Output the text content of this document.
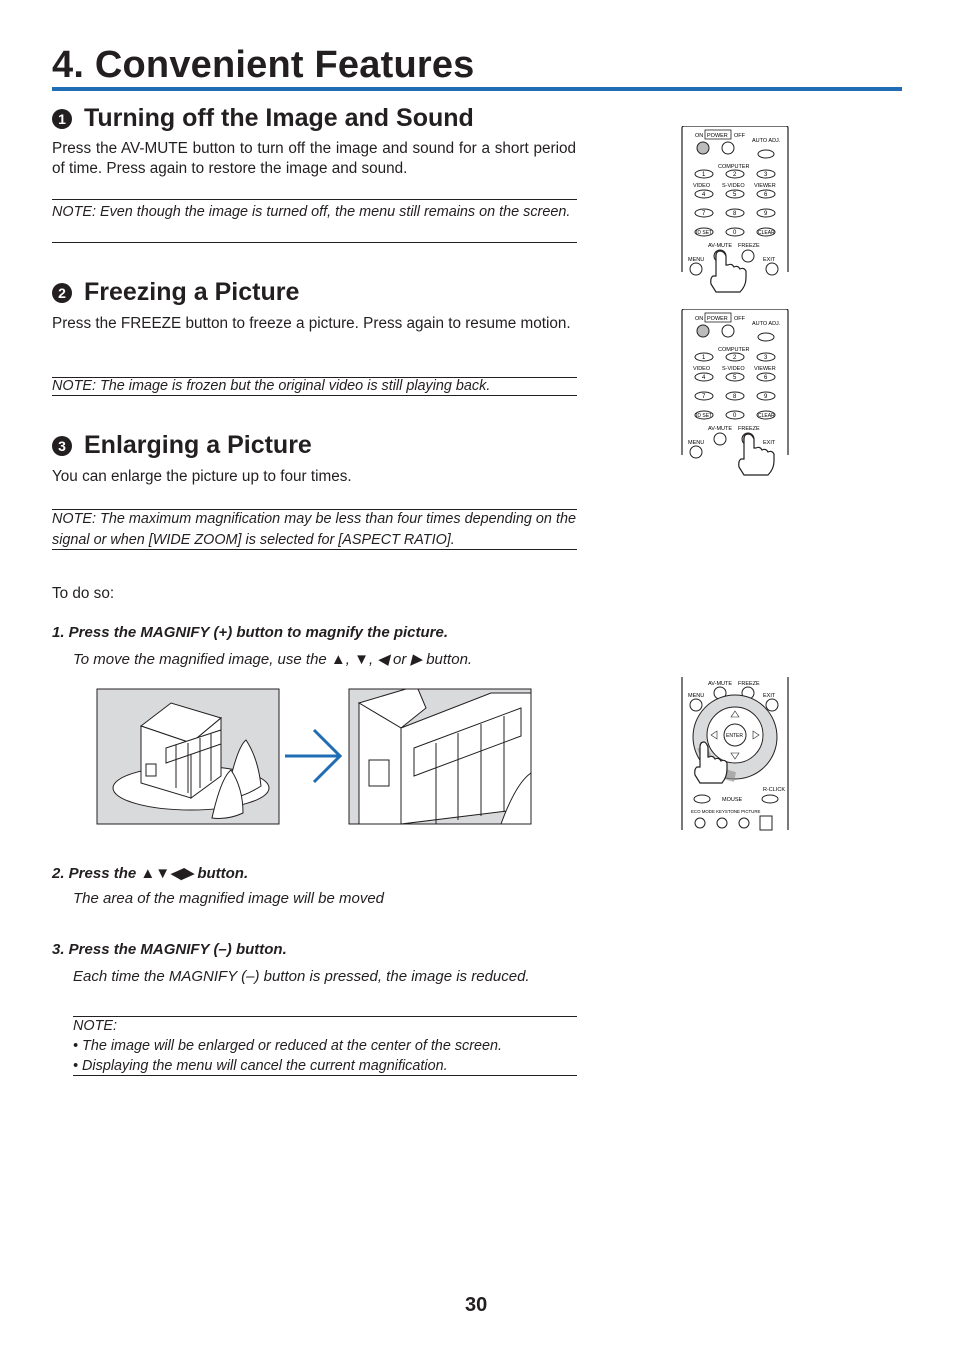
4. Convenient Features
1 Turning off the Image and Sound

Press the AV-MUTE button to turn off the image and sound for a short period of time. Press again to restore the image and sound.

NOTE: Even though the image is turned off, the menu still remains on the screen.

2 Freezing a Picture

Press the FREEZE button to freeze a picture. Press again to resume motion.

NOTE: The image is frozen but the original video is still playing back.

3 Enlarging a Picture

You can enlarge the picture up to four times.

NOTE: The maximum magnification may be less than four times depending on the signal or when [WIDE ZOOM] is selected for [ASPECT RATIO].

To do so:

1. Press the MAGNIFY (+) button to magnify the picture.

To move the magnified image, use the ▲, ▼, ◀ or ▶ button.

2. Press the ▲▼◀▶ button.

The area of the magnified image will be moved

3. Press the MAGNIFY (–) button.

Each time the MAGNIFY (–) button is pressed, the image is reduced.

NOTE:

• The image will be enlarged or reduced at the center of the screen.

• Displaying the menu will cancel the current magnification.

ON POWER OFF
AUTO ADJ.
COMPUTER
1	2	3
VIDEO S-VIDEO VIEWER
4	5	6
7	8	9
ID SET	0	CLEAR
AV-MUTE FREEZE
MENU	EXIT
ON POWER OFF
AUTO ADJ.
COMPUTER
1	2	3
VIDEO S-VIDEO VIEWER
4	5	6
7	8	9
ID SET	0	CLEAR
AV-MUTE FREEZE
MENU	EXIT
AV-MUTE FREEZE
MENU	EXIT
ENTER
R-CLICK
MOUSE
ECO MODE KEYSTONE PICTURE
30
